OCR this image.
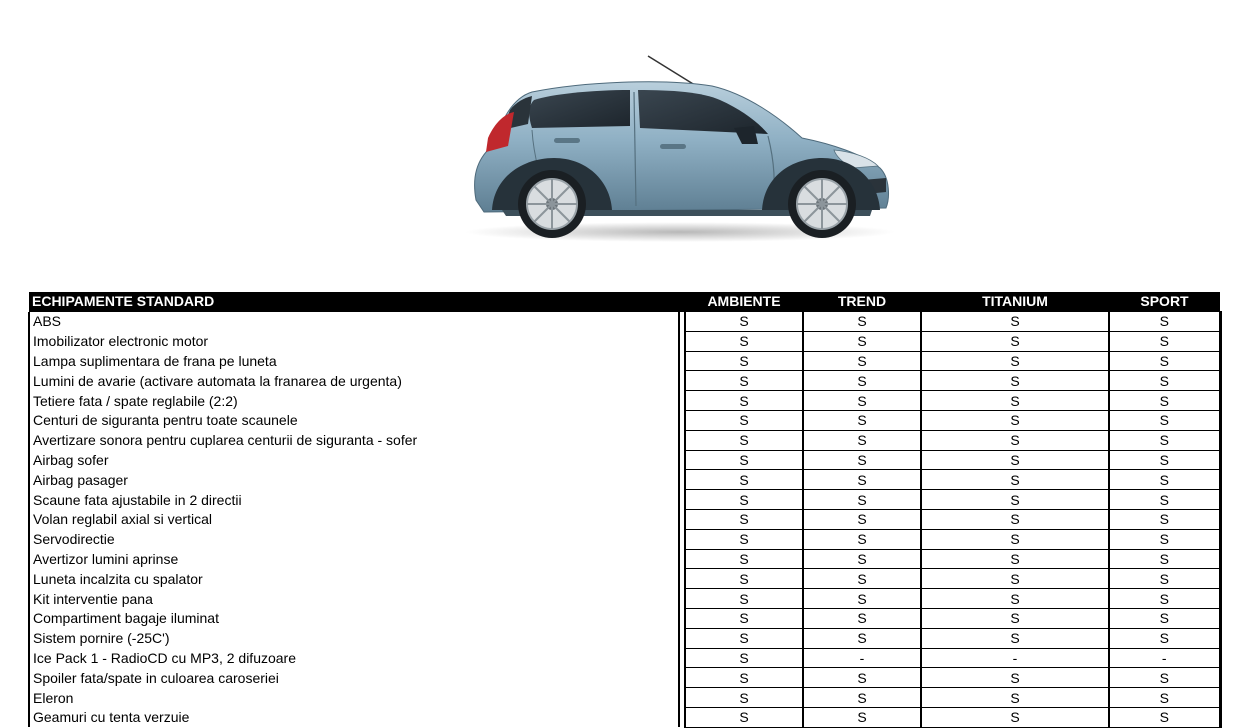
ECHIPAMENTE STANDARD		AMBIENTE	TREND	TITANIUM	SPORT
ABS		S	S	S	S
Imobilizator electronic motor		S	S	S	S
Lampa suplimentara de frana pe luneta		S	S	S	S
Lumini de avarie (activare automata la franarea de urgenta)		S	S	S	S
Tetiere fata / spate reglabile (2:2)		S	S	S	S
Centuri de siguranta pentru toate scaunele		S	S	S	S
Avertizare sonora pentru cuplarea centurii de siguranta - sofer		S	S	S	S
Airbag sofer		S	S	S	S
Airbag pasager		S	S	S	S
Scaune fata ajustabile in 2 directii		S	S	S	S
Volan reglabil axial si vertical		S	S	S	S
Servodirectie		S	S	S	S
Avertizor lumini aprinse		S	S	S	S
Luneta incalzita cu spalator		S	S	S	S
Kit interventie pana		S	S	S	S
Compartiment bagaje iluminat		S	S	S	S
Sistem pornire (-25C')		S	S	S	S
Ice Pack 1 - RadioCD cu MP3, 2 difuzoare		S	-	-	-
Spoiler fata/spate in culoarea caroseriei		S	S	S	S
Eleron		S	S	S	S
Geamuri cu tenta verzuie		S	S	S	S
